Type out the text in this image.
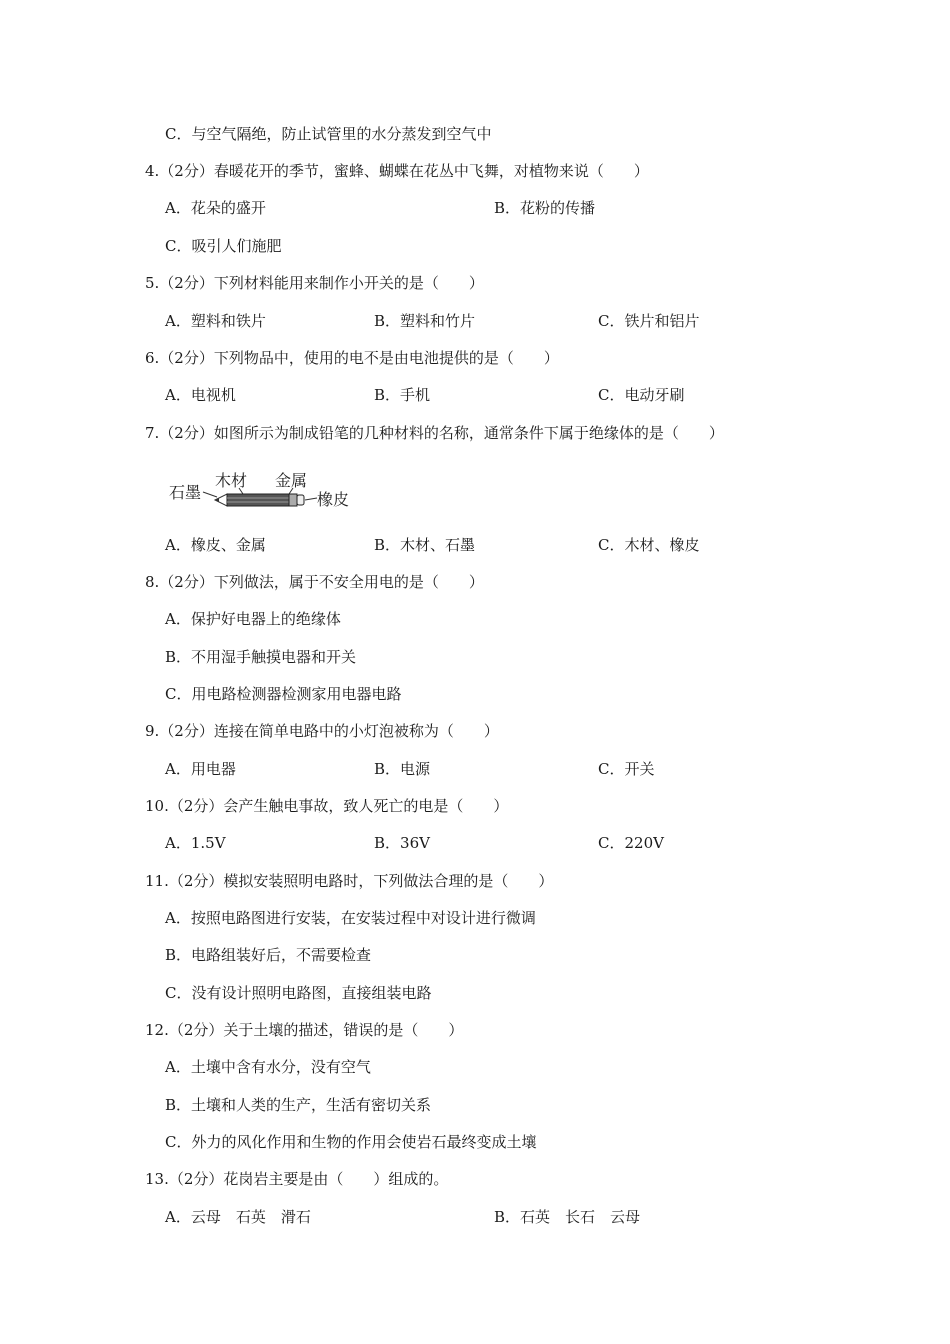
C．与空气隔绝，防止试管里的水分蒸发到空气中
4.（2分）春暖花开的季节，蜜蜂、蝴蝶在花丛中飞舞，对植物来说（　　）
A．花朵的盛开	B．花粉的传播
C．吸引人们施肥
5.（2分）下列材料能用来制作小开关的是（　　）
A．塑料和铁片	B．塑料和竹片	C．铁片和铝片
6.（2分）下列物品中，使用的电不是由电池提供的是（　　）
A．电视机	B．手机	C．电动牙刷
7.（2分）如图所示为制成铅笔的几种材料的名称，通常条件下属于绝缘体的是（　　）
石墨
木材 金属
橡皮
A．橡皮、金属	B．木材、石墨	C．木材、橡皮
8.（2分）下列做法，属于不安全用电的是（　　）
A．保护好电器上的绝缘体
B．不用湿手触摸电器和开关
C．用电路检测器检测家用电器电路
9.（2分）连接在简单电路中的小灯泡被称为（　　）
A．用电器	B．电源	C．开关
10.（2分）会产生触电事故，致人死亡的电是（　　）
A．1.5V	B．36V	C．220V
11.（2分）模拟安装照明电路时，下列做法合理的是（　　）
A．按照电路图进行安装，在安装过程中对设计进行微调
B．电路组装好后，不需要检查
C．没有设计照明电路图，直接组装电路
12.（2分）关于土壤的描述，错误的是（　　）
A．土壤中含有水分，没有空气
B．土壤和人类的生产，生活有密切关系
C．外力的风化作用和生物的作用会使岩石最终变成土壤
13.（2分）花岗岩主要是由（　　）组成的。
A．云母　石英　滑石	B．石英　长石　云母
